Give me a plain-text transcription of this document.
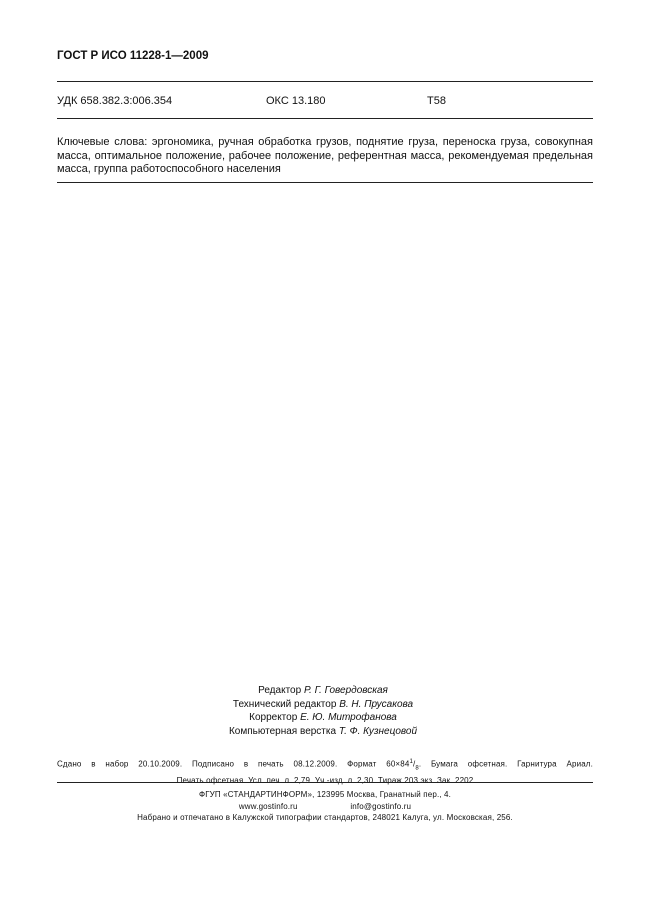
ГОСТ Р ИСО 11228-1—2009
УДК 658.382.3:006.354	ОКС 13.180	Т58
Ключевые слова: эргономика, ручная обработка грузов, поднятие груза, переноска груза, совокупная масса, оптимальное положение, рабочее положение, референтная масса, рекомендуемая предельная масса, группа работоспособного населения
Редактор Р. Г. Говердовская
Технический редактор В. Н. Прусакова
Корректор Е. Ю. Митрофанова
Компьютерная верстка Т. Ф. Кузнецовой
Сдано в набор 20.10.2009. Подписано в печать 08.12.2009. Формат $60\times 84^1/_8$. Бумага офсетная. Гарнитура Ариал.
Печать офсетная. Усл. печ. л. 2,79. Уч.-изд. л. 2,30. Тираж 203 экз. Зак. 2202
ФГУП «СТАНДАРТИНФОРМ», 123995 Москва, Гранатный пер., 4.
www.gostinfo.ru	info@gostinfo.ru
Набрано и отпечатано в Калужской типографии стандартов, 248021 Калуга, ул. Московская, 256.
